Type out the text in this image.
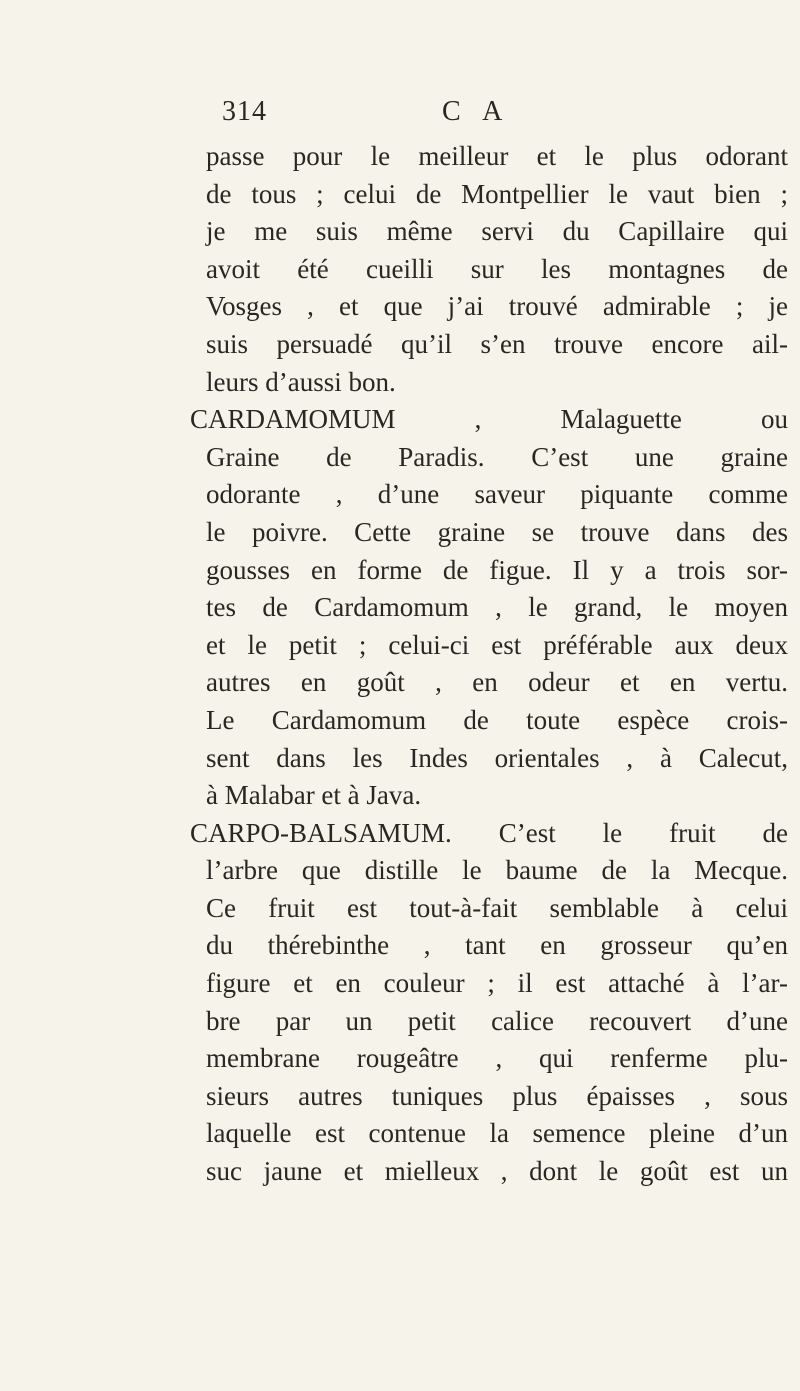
314	C A
passe pour le meilleur et le plus odorant
de tous ; celui de Montpellier le vaut bien ;
je me suis même servi du Capillaire qui
avoit été cueilli sur les montagnes de
Vosges , et que j’ai trouvé admirable ; je
suis persuadé qu’il s’en trouve encore ail-
leurs d’aussi bon.
CARDAMOMUM , Malaguette ou
Graine de Paradis. C’est une graine
odorante , d’une saveur piquante comme
le poivre. Cette graine se trouve dans des
gousses en forme de figue. Il y a trois sor-
tes de Cardamomum , le grand, le moyen
et le petit ; celui-ci est préférable aux deux
autres en goût , en odeur et en vertu.
Le Cardamomum de toute espèce crois-
sent dans les Indes orientales , à Calecut,
à Malabar et à Java.
CARPO-BALSAMUM. C’est le fruit de
l’arbre que distille le baume de la Mecque.
Ce fruit est tout-à-fait semblable à celui
du thérebinthe , tant en grosseur qu’en
figure et en couleur ; il est attaché à l’ar-
bre par un petit calice recouvert d’une
membrane rougeâtre , qui renferme plu-
sieurs autres tuniques plus épaisses , sous
laquelle est contenue la semence pleine d’un
suc jaune et mielleux , dont le goût est un
